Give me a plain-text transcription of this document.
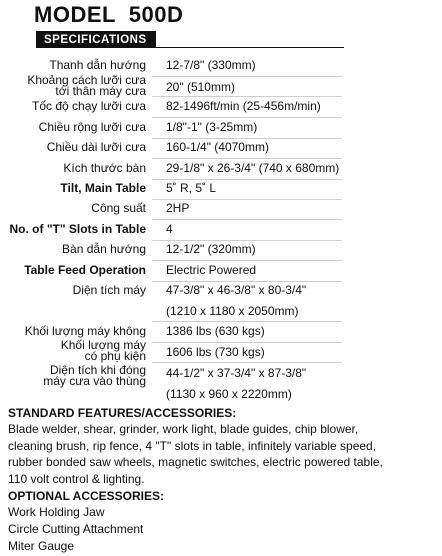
MODEL  500D
SPECIFICATIONS
Thanh dẫn hướng 12-7/8" (330mm)
Khoảng cách lưỡi cưa
tới thân máy cưa 20" (510mm)
Tốc độ chạy lưỡi cưa 82-1496ft/min (25-456m/min)
Chiều rộng lưỡi cưa 1/8"-1" (3-25mm)
Chiều dài lưỡi cưa 160-1/4" (4070mm)
Kích thước bàn 29-1/8" x 26-3/4" (740 x 680mm)
Tilt, Main Table 5˚ R, 5˚ L
Công suất 2HP
No. of "T" Slots in Table 4
Bàn dẫn hướng 12-1/2" (320mm)
Table Feed Operation Electric Powered
Diện tích máy 47-3/8" x 46-3/8" x 80-3/4"
(1210 x 1180 x 2050mm)
Khối lượng máy không 1386 lbs (630 kgs)
Khối lượng máy
có phụ kiện 1606 lbs (730 kgs)
Diện tích khi đóng
máy cưa vào thùng
44-1/2" x 37-3/4" x 87-3/8"
(1130 x 960 x 2220mm)
STANDARD FEATURES/ACCESSORIES:
Blade welder, shear, grinder, work light, blade guides, chip blower,
cleaning brush, rip fence, 4 "T" slots in table, infinitely variable speed,
rubber bonded saw wheels, magnetic switches, electric powered table,
110 volt control & lighting.
OPTIONAL ACCESSORIES:
Work Holding Jaw
Circle Cutting Attachment
Miter Gauge
